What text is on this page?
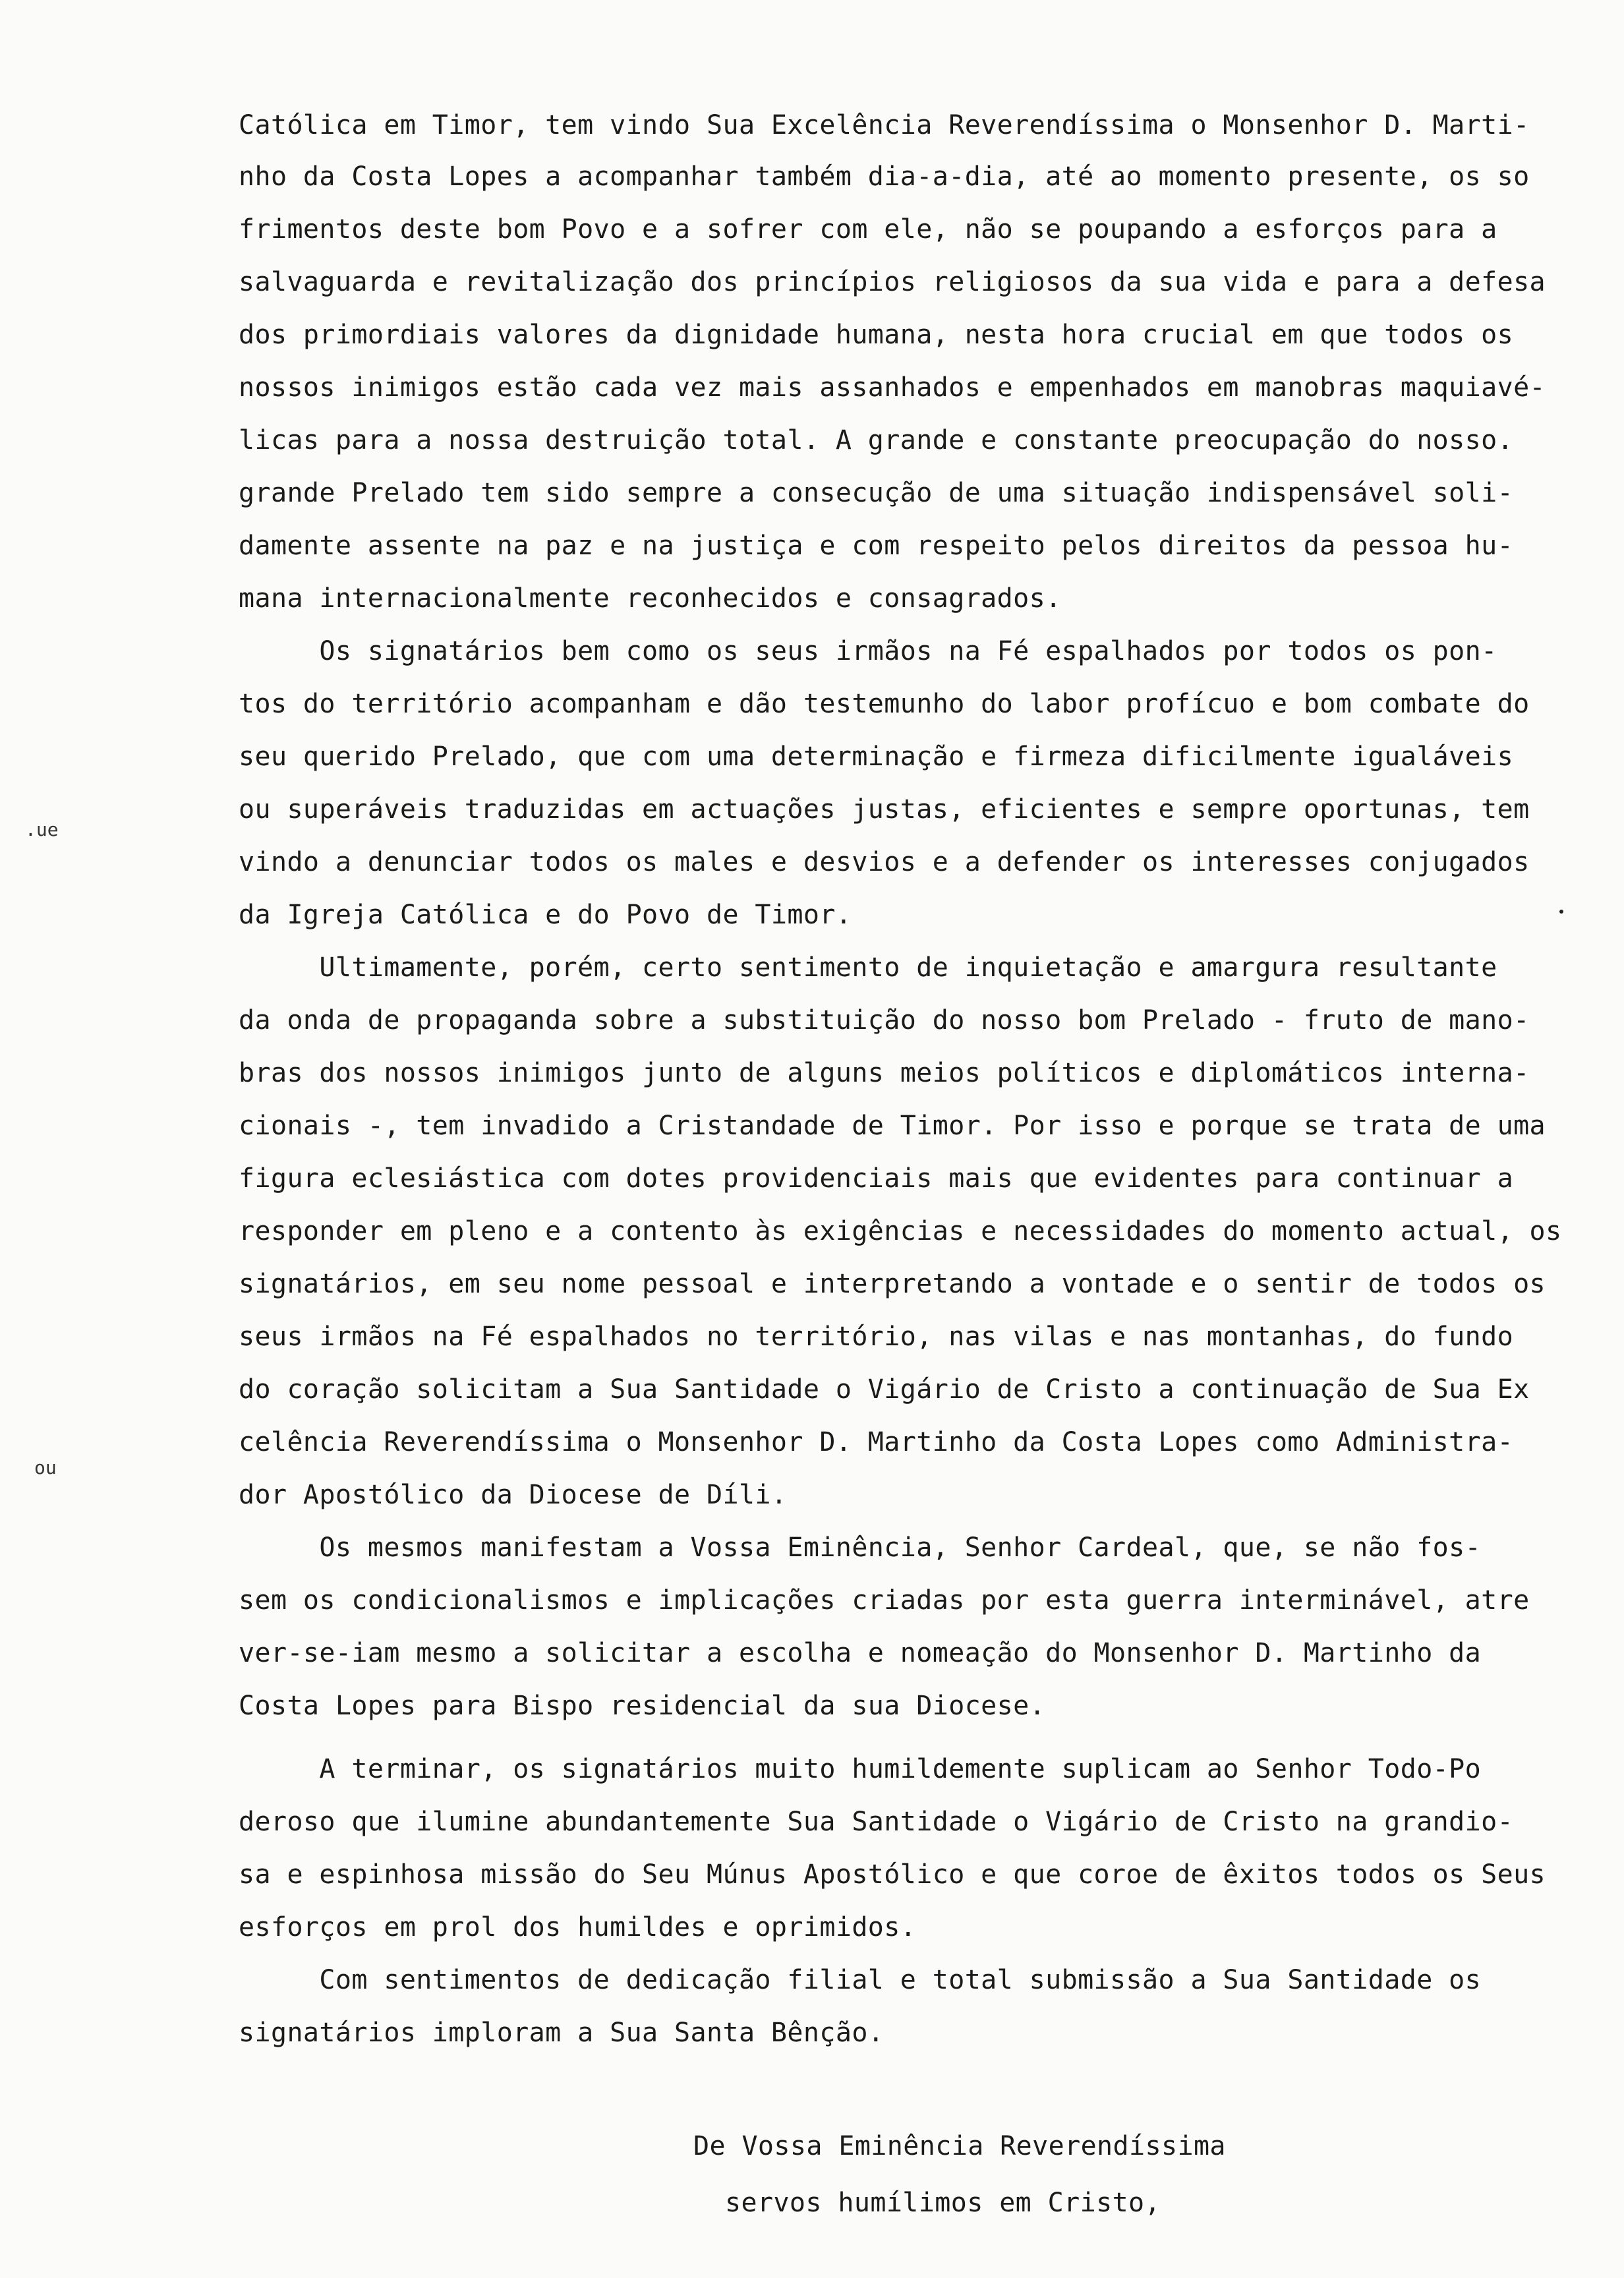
.ue
ou

Católica em Timor, tem vindo Sua Excelência Reverendíssima o Monsenhor D. Marti-

nho da Costa Lopes a acompanhar também dia-a-dia, até ao momento presente, os so

frimentos deste bom Povo e a sofrer com ele, não se poupando a esforços para a

salvaguarda e revitalização dos princípios religiosos da sua vida e para a defesa

dos primordiais valores da dignidade humana, nesta hora crucial em que todos os

nossos inimigos estão cada vez mais assanhados e empenhados em manobras maquiavé-

licas para a nossa destruição total. A grande e constante preocupação do nosso.

grande Prelado tem sido sempre a consecução de uma situação indispensável soli-

damente assente na paz e na justiça e com respeito pelos direitos da pessoa hu-

mana internacionalmente reconhecidos e consagrados.

Os signatários bem como os seus irmãos na Fé espalhados por todos os pon-

tos do território acompanham e dão testemunho do labor profícuo e bom combate do

seu querido Prelado, que com uma determinação e firmeza dificilmente igualáveis

ou superáveis traduzidas em actuações justas, eficientes e sempre oportunas, tem

vindo a denunciar todos os males e desvios e a defender os interesses conjugados

da Igreja Católica e do Povo de Timor.

Ultimamente, porém, certo sentimento de inquietação e amargura resultante

da onda de propaganda sobre a substituição do nosso bom Prelado - fruto de mano-

bras dos nossos inimigos junto de alguns meios políticos e diplomáticos interna-

cionais -, tem invadido a Cristandade de Timor. Por isso e porque se trata de uma

figura eclesiástica com dotes providenciais mais que evidentes para continuar a

responder em pleno e a contento às exigências e necessidades do momento actual, os

signatários, em seu nome pessoal e interpretando a vontade e o sentir de todos os

seus irmãos na Fé espalhados no território, nas vilas e nas montanhas, do fundo

do coração solicitam a Sua Santidade o Vigário de Cristo a continuação de Sua Ex

celência Reverendíssima o Monsenhor D. Martinho da Costa Lopes como Administra-

dor Apostólico da Diocese de Díli.

Os mesmos manifestam a Vossa Eminência, Senhor Cardeal, que, se não fos-

sem os condicionalismos e implicações criadas por esta guerra interminável, atre

ver-se-iam mesmo a solicitar a escolha e nomeação do Monsenhor D. Martinho da

Costa Lopes para Bispo residencial da sua Diocese.

A terminar, os signatários muito humildemente suplicam ao Senhor Todo-Po

deroso que ilumine abundantemente Sua Santidade o Vigário de Cristo na grandio-

sa e espinhosa missão do Seu Múnus Apostólico e que coroe de êxitos todos os Seus

esforços em prol dos humildes e oprimidos.

Com sentimentos de dedicação filial e total submissão a Sua Santidade os

signatários imploram a Sua Santa Bênção.

De Vossa Eminência Reverendíssima

servos humílimos em Cristo,
